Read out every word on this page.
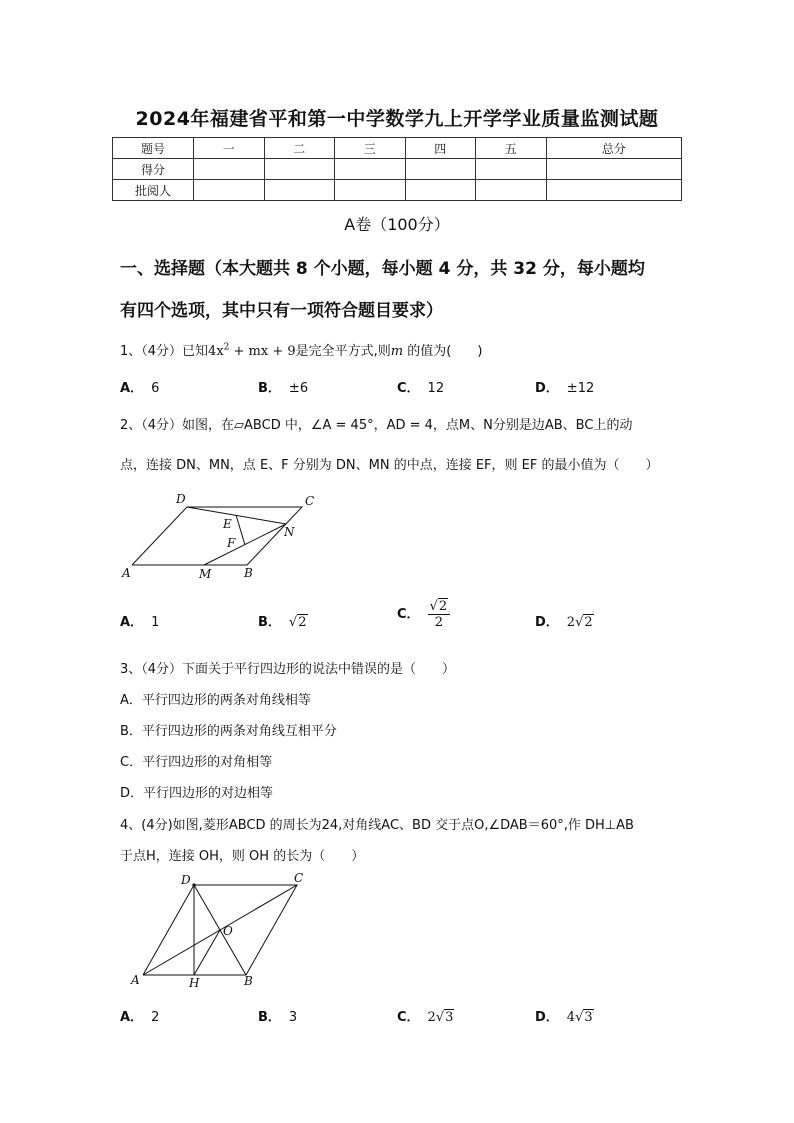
2024年福建省平和第一中学数学九上开学学业质量监测试题
题号	一	二	三	四	五	总分
得分						
批阅人						
A卷（100分）
一、选择题（本大题共 8 个小题，每小题 4 分，共 32 分，每小题均
有四个选项，其中只有一项符合题目要求）
1、（4分）已知$4x^2$ + mx + 9是完全平方式,则m 的值为(　　)
A． 6	B． ±6	C． 12	D． ±12
2、（4分）如图，在▱ABCD 中，∠A = 45°，AD = 4，点M、N分别是边AB、BC上的动
点，连接 DN、MN，点 E、F 分别为 DN、MN 的中点，连接 EF，则 EF 的最小值为（　　）
D	C
E
N
F
A	M	B
A． 1	B． √2
C． $\frac{√2}{2}$	D． 2√2
3、（4分）下面关于平行四边形的说法中错误的是（　　）
A．平行四边形的两条对角线相等
B．平行四边形的两条对角线互相平分
C．平行四边形的对角相等
D．平行四边形的对边相等
4、(4分)如图,菱形ABCD 的周长为24,对角线AC、BD 交于点O,∠DAB＝60°,作 DH⊥AB
于点H，连接 OH，则 OH 的长为（　　）
D	C
O
A	H	B
A． 2	B． 3	C． 2√3	D． 4√3
